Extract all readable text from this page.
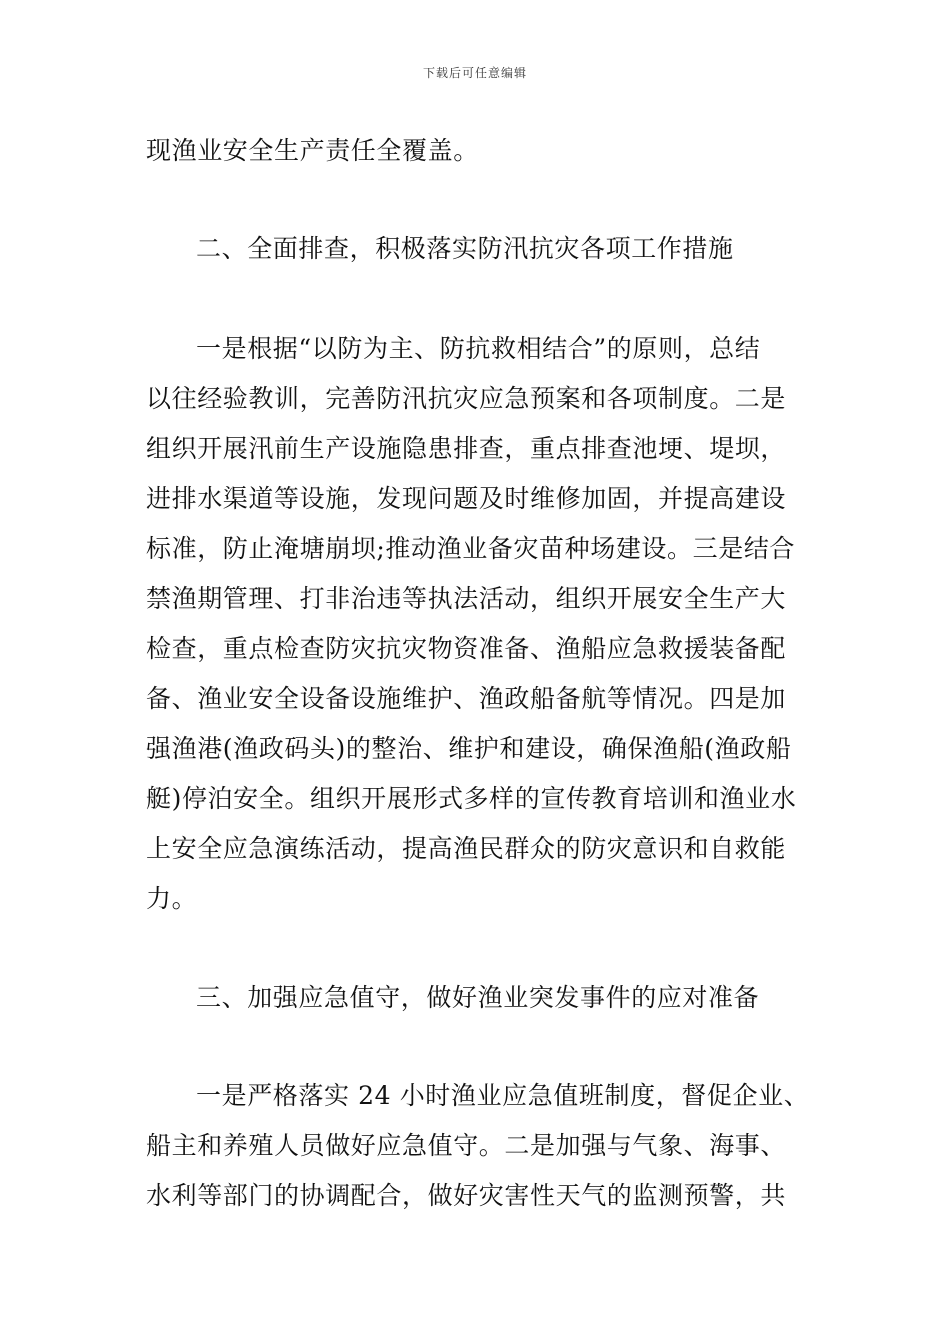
下载后可任意编辑
现渔业安全生产责任全覆盖。
二、全面排查，积极落实防汛抗灾各项工作措施
一是根据“以防为主、防抗救相结合”的原则，总结
以往经验教训，完善防汛抗灾应急预案和各项制度。二是
组织开展汛前生产设施隐患排查，重点排查池埂、堤坝，
进排水渠道等设施，发现问题及时维修加固，并提高建设
标准，防止淹塘崩坝;推动渔业备灾苗种场建设。三是结合
禁渔期管理、打非治违等执法活动，组织开展安全生产大
检查，重点检查防灾抗灾物资准备、渔船应急救援装备配
备、渔业安全设备设施维护、渔政船备航等情况。四是加
强渔港(渔政码头)的整治、维护和建设，确保渔船(渔政船
艇)停泊安全。组织开展形式多样的宣传教育培训和渔业水
上安全应急演练活动，提高渔民群众的防灾意识和自救能
力。
三、加强应急值守，做好渔业突发事件的应对准备
一是严格落实 24 小时渔业应急值班制度，督促企业、
船主和养殖人员做好应急值守。二是加强与气象、海事、
水利等部门的协调配合，做好灾害性天气的监测预警，共
